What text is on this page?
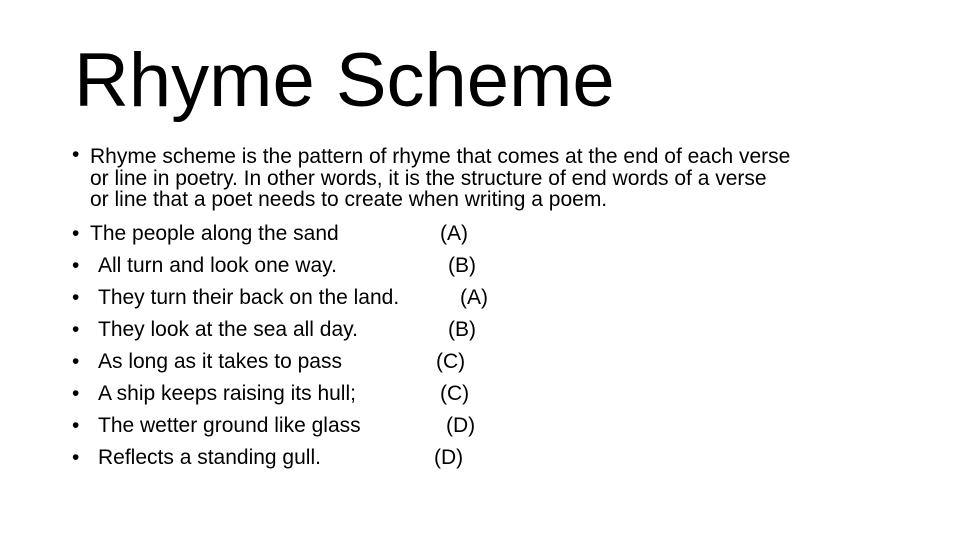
Rhyme Scheme
• Rhyme scheme is the pattern of rhyme that comes at the end of each verse
or line in poetry. In other words, it is the structure of end words of a verse
or line that a poet needs to create when writing a poem.
• The people along the sand	(A)
• All turn and look one way.	(B)
• They turn their back on the land.	(A)
• They look at the sea all day.	(B)
• As long as it takes to pass	(C)
• A ship keeps raising its hull;	(C)
• The wetter ground like glass	(D)
• Reflects a standing gull.	(D)
